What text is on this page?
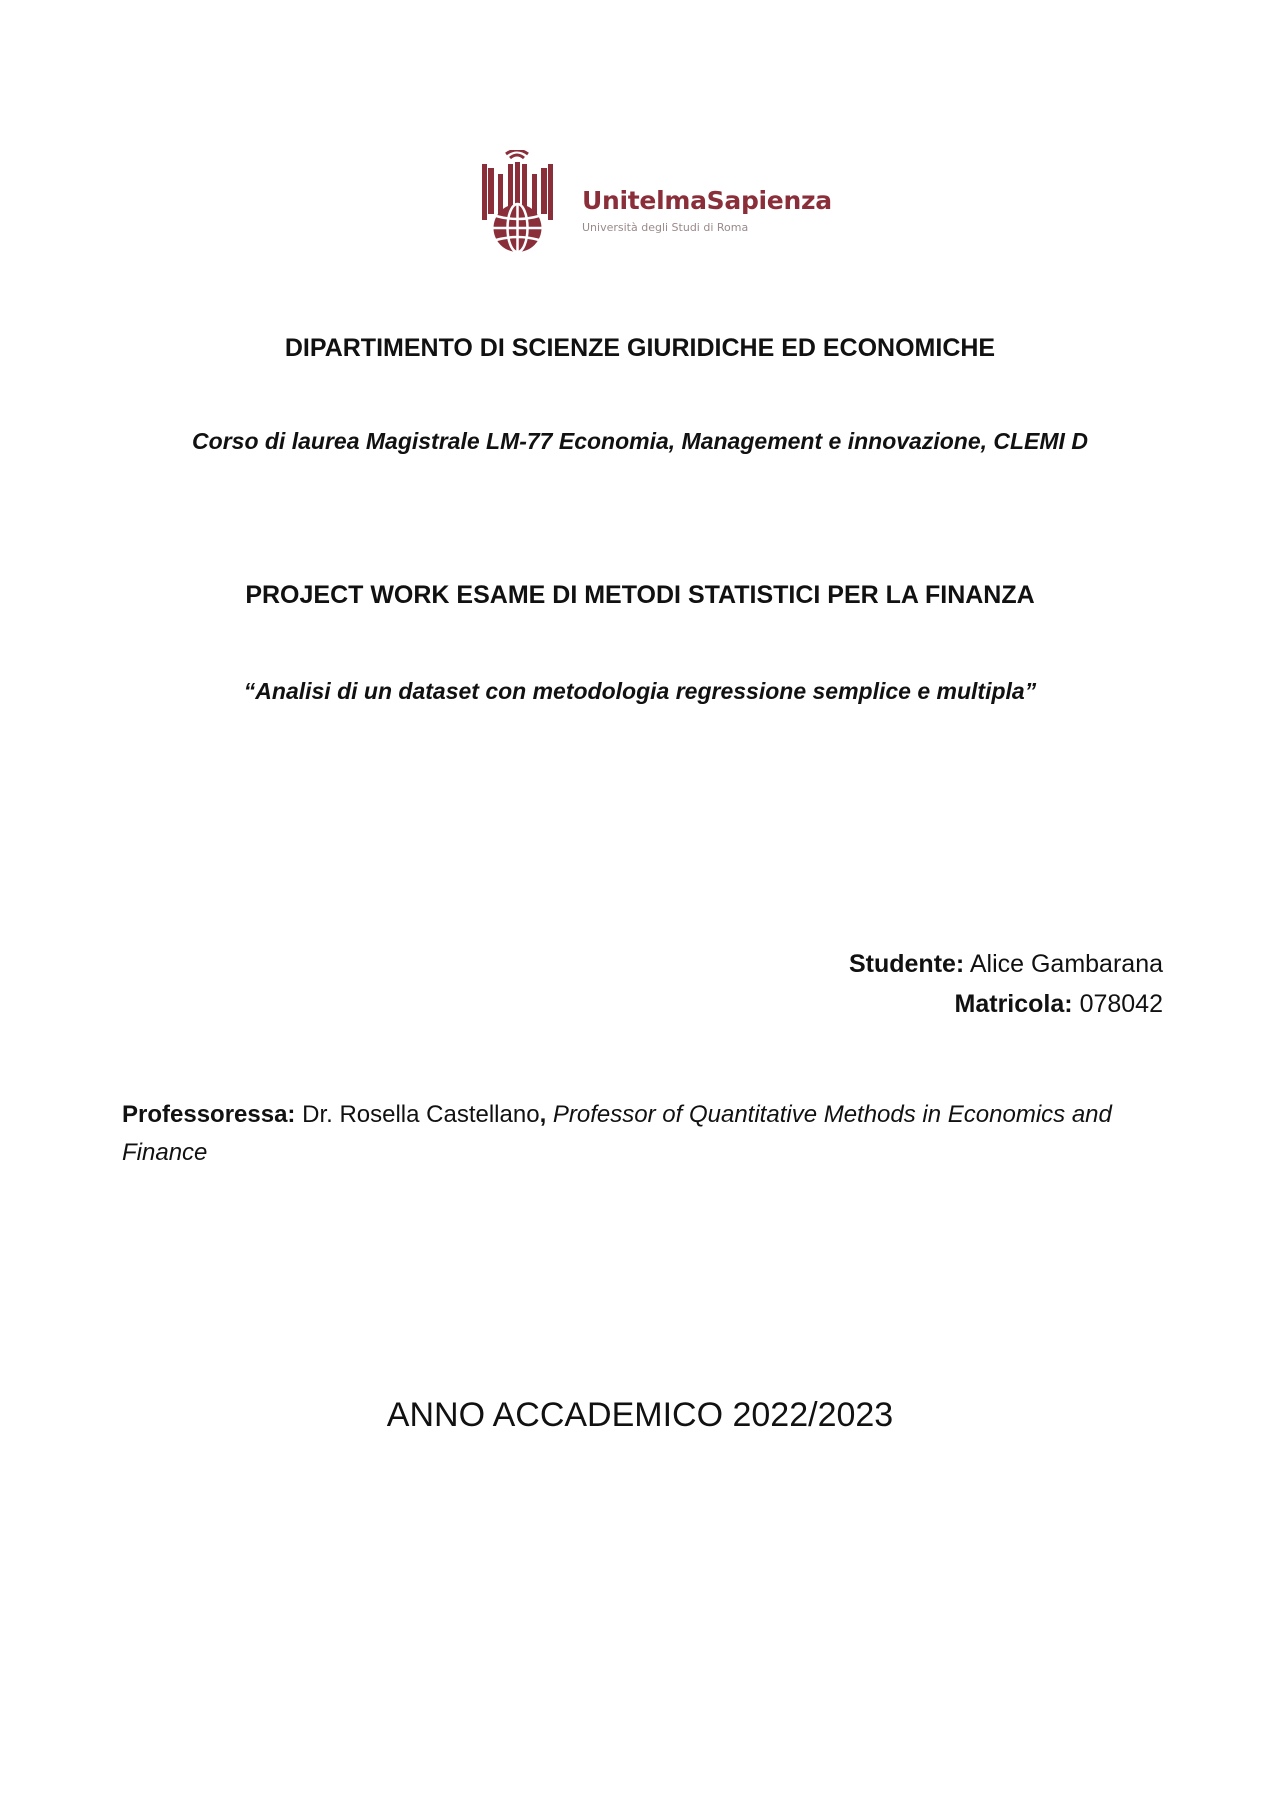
UnitelmaSapienza
Università degli Studi di Roma
DIPARTIMENTO DI SCIENZE GIURIDICHE ED ECONOMICHE
Corso di laurea Magistrale LM-77 Economia, Management e innovazione, CLEMI D
PROJECT WORK ESAME DI METODI STATISTICI PER LA FINANZA
“Analisi di un dataset con metodologia regressione semplice e multipla”
Studente: Alice Gambarana
Matricola: 078042
Professoressa: Dr. Rosella Castellano, Professor of Quantitative Methods in Economics and Finance
ANNO ACCADEMICO 2022/2023
